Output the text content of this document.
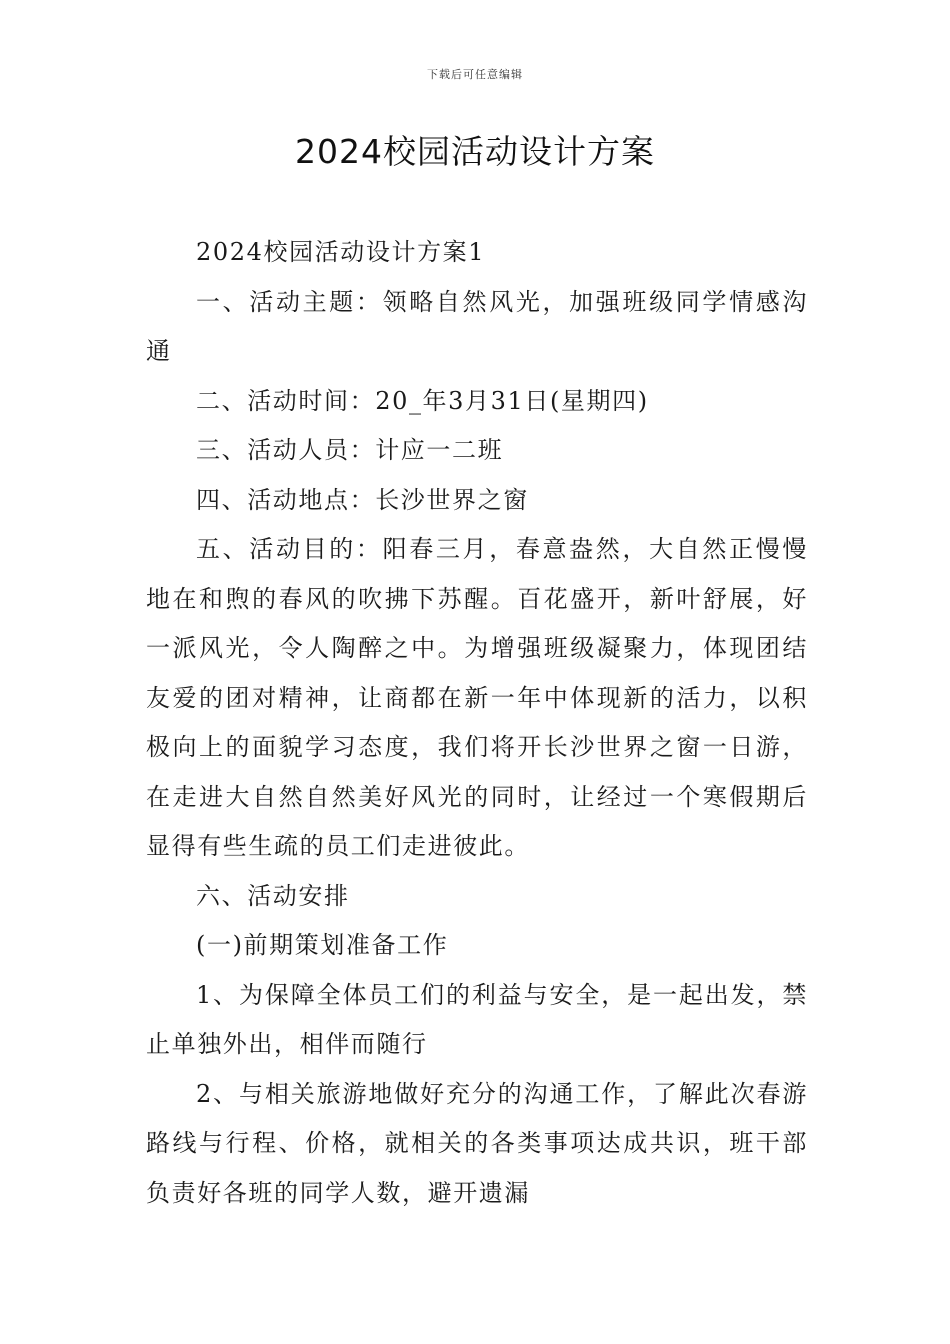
下载后可任意编辑
2024校园活动设计方案

2024校园活动设计方案1

一、活动主题：领略自然风光，加强班级同学情感沟通

二、活动时间：20_年3月31日(星期四)

三、活动人员：计应一二班

四、活动地点：长沙世界之窗

五、活动目的：阳春三月，春意盎然，大自然正慢慢地在和煦的春风的吹拂下苏醒。百花盛开，新叶舒展，好一派风光，令人陶醉之中。为增强班级凝聚力，体现团结友爱的团对精神，让商都在新一年中体现新的活力，以积极向上的面貌学习态度，我们将开长沙世界之窗一日游，在走进大自然自然美好风光的同时，让经过一个寒假期后显得有些生疏的员工们走进彼此。

六、活动安排

(一)前期策划准备工作

1、为保障全体员工们的利益与安全，是一起出发，禁止单独外出，相伴而随行

2、与相关旅游地做好充分的沟通工作，了解此次春游路线与行程、价格，就相关的各类事项达成共识，班干部负责好各班的同学人数，避开遗漏
